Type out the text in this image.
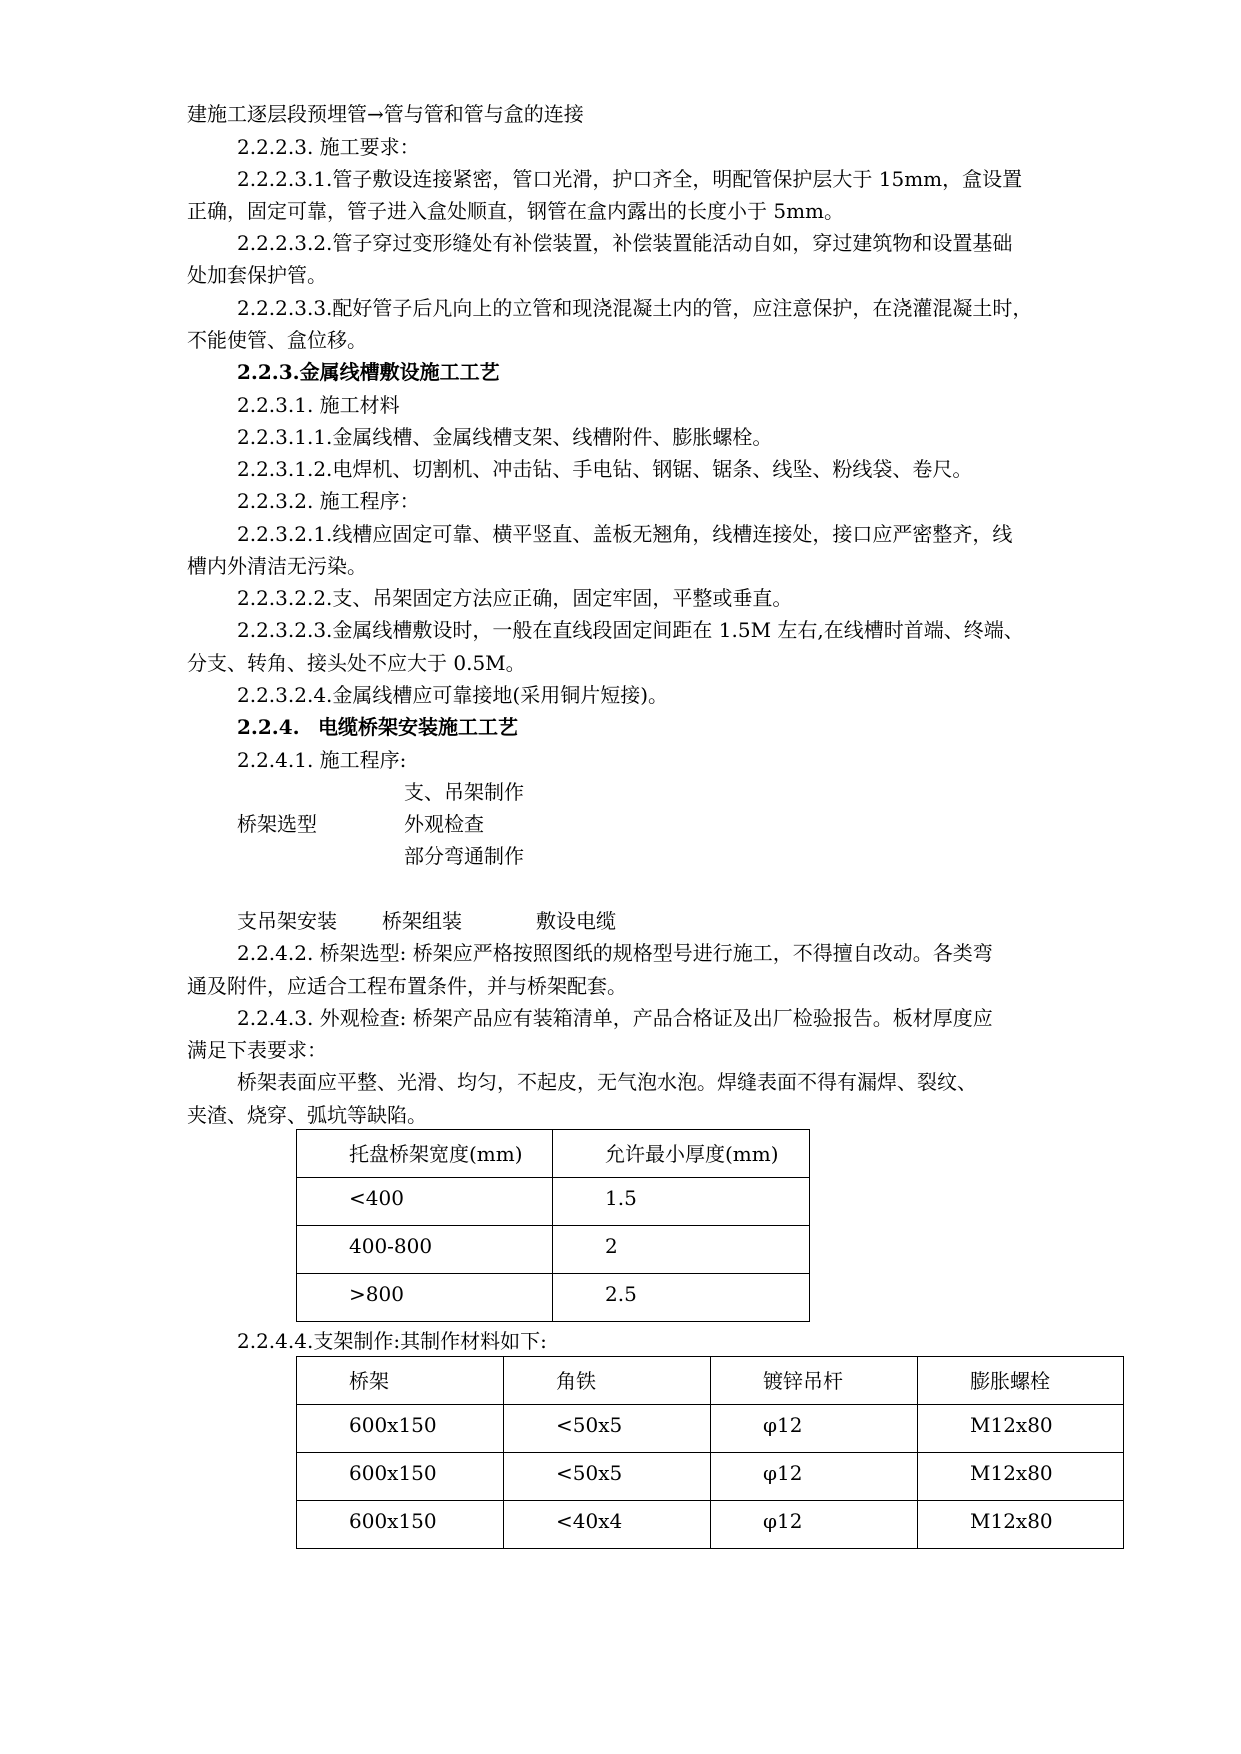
建施工逐层段预埋管→管与管和管与盒的连接
2.2.2.3. 施工要求：
2.2.2.3.1.管子敷设连接紧密，管口光滑，护口齐全，明配管保护层大于 15mm，盒设置
正确，固定可靠，管子进入盒处顺直，钢管在盒内露出的长度小于 5mm。
2.2.2.3.2.管子穿过变形缝处有补偿装置，补偿装置能活动自如，穿过建筑物和设置基础
处加套保护管。
2.2.2.3.3.配好管子后凡向上的立管和现浇混凝土内的管，应注意保护，在浇灌混凝土时，
不能使管、盒位移。
2.2.3.金属线槽敷设施工工艺
2.2.3.1. 施工材料
2.2.3.1.1.金属线槽、金属线槽支架、线槽附件、膨胀螺栓。
2.2.3.1.2.电焊机、切割机、冲击钻、手电钻、钢锯、锯条、线坠、粉线袋、卷尺。
2.2.3.2. 施工程序：
2.2.3.2.1.线槽应固定可靠、横平竖直、盖板无翘角，线槽连接处，接口应严密整齐，线
槽内外清洁无污染。
2.2.3.2.2.支、吊架固定方法应正确，固定牢固，平整或垂直。
2.2.3.2.3.金属线槽敷设时，一般在直线段固定间距在 1.5M 左右,在线槽时首端、终端、
分支、转角、接头处不应大于 0.5M。
2.2.3.2.4.金属线槽应可靠接地(采用铜片短接)。
2.2.4. 电缆桥架安装施工工艺
2.2.4.1. 施工程序:
支、吊架制作
桥架选型	外观检查
部分弯通制作
支吊架安装 桥架组装	敷设电缆
2.2.4.2. 桥架选型: 桥架应严格按照图纸的规格型号进行施工，不得擅自改动。各类弯
通及附件，应适合工程布置条件，并与桥架配套。
2.2.4.3. 外观检查: 桥架产品应有装箱清单，产品合格证及出厂检验报告。板材厚度应
满足下表要求：
桥架表面应平整、光滑、均匀，不起皮，无气泡水泡。焊缝表面不得有漏焊、裂纹、
夹渣、烧穿、弧坑等缺陷。
托盘桥架宽度(mm)	允许最小厚度(mm)
<400	1.5
400-800	2
>800	2.5
2.2.4.4.支架制作:其制作材料如下:
桥架	角铁	镀锌吊杆	膨胀螺栓
600x150	<50x5	φ12	M12x80
600x150	<50x5	φ12	M12x80
600x150	<40x4	φ12	M12x80
